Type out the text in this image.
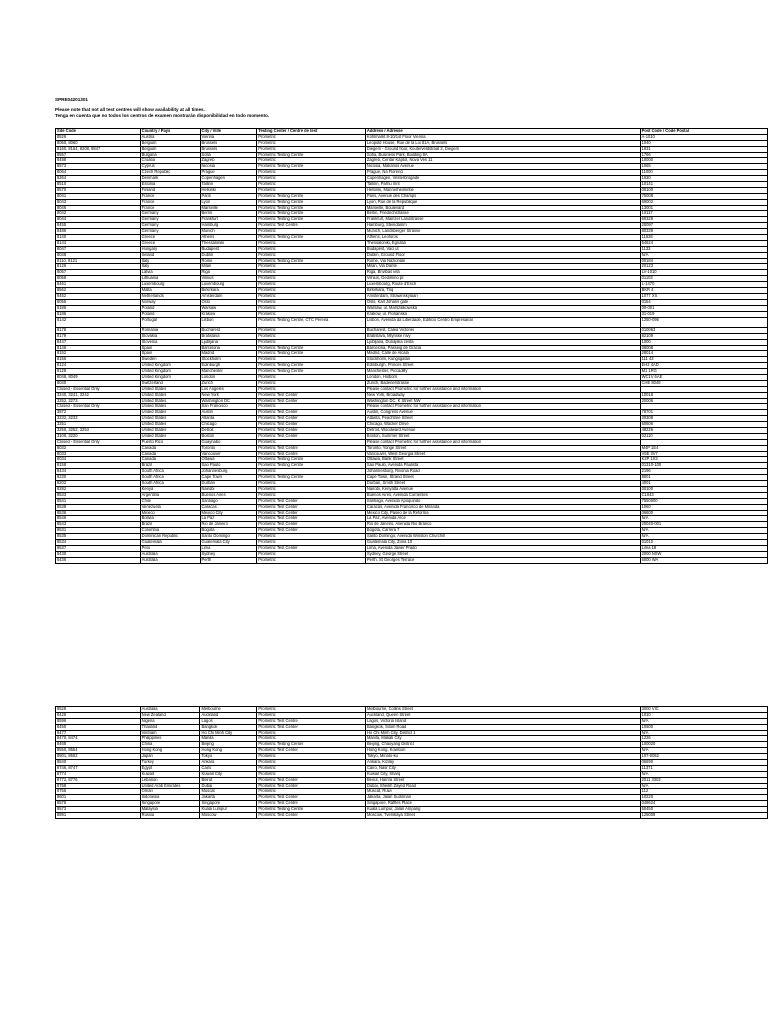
SPRE04201301
Please note that not all test centres will show availability at all times.
Tenga en cuenta que no todos los centros de examen mostrarán disponibilidad en todo momento.
Site Code	Country / Pays	City / Ville	Testing Center / Centre de test	Address / Adresse	Post Code / Code Postal
8526	Austria	Vienna	Prometric	Kohlmarkt 8-10/1st Floor Vienna	A-1010
8050, 8060	Belgium	Brussels	Prometric	Leopold House, Rue de la Loi 81A, Brussels	1040
8160, 8164, 8208, 8847	Belgium	Brussels	Prometric	Diegem - Ground floor, Kouterveldstraat 2, Diegem	1831
8557	Bulgaria	Sofia	Prometric Testing Centre	Sofia, Business Park, Building 8A	1766
8488	Croatia	Zagreb	Prometric	Zagreb, Centar Kaptol, Nova Ves 11	10000
8573	Cyprus	Nicosia	Prometric Testing Centre	Nicosia, Makarios Avenue	1065
8064	Czech Republic	Prague	Prometric	Prague, Na Florenci	11000
8264	Denmark	Copenhagen	Prometric	Copenhagen, Vesterbrogade	1620
8510	Estonia	Tallinn	Prometric	Tallinn, Parnu mnt	10141
8570	Finland	Helsinki	Prometric	Helsinki, Mannerheimintie	00100
8041	France	Paris	Prometric Testing Centre	Paris, Avenue des Champs	75008
8043	France	Lyon	Prometric Testing Centre	Lyon, Rue de la Republique	69002
8046	France	Marseille	Prometric Testing Centre	Marseille, Boulevard	13001
8042	Germany	Berlin	Prometric Testing Centre	Berlin, Friedrichstrasse	10117
8044	Germany	Frankfurt	Prometric Testing Centre	Frankfurt, Mainzer Landstrasse	60329
8455	Germany	Hamburg	Prometric Test Centre	Hamburg, Steindamm	20097
8486	Germany	Munich	Prometric	Munich, Landsberger Strasse	80339
8140	Greece	Athens	Prometric Testing Centre	Athens, Leoforos	11526
8144	Greece	Thessaloniki	Prometric	Thessaloniki, Egnatia	54624
8047	Hungary	Budapest	Prometric	Budapest, Vaci ut	1133
8048	Ireland	Dublin	Prometric	Dublin, Ground Floor	N/A
8110, 8121	Italy	Rome	Prometric Testing Centre	Rome, Via Nazionale	00184
8126	Italy	Milan	Prometric	Milan, Via Dante	20123
8057	Latvia	Riga	Prometric	Riga, Brivibas iela	LV-1010
8058	Lithuania	Vilnius	Prometric	Vilnius, Gedimino pr.	01103
8461	Luxembourg	Luxembourg	Prometric	Luxembourg, Route d'Esch	L-1470
8562	Malta	Birkirkara	Prometric	Birkirkara, Triq	BKR 4
8452	Netherlands	Amsterdam	Prometric	Amsterdam, Strawinskylaan	1077 XX
8055	Norway	Oslo	Prometric	Oslo, Karl Johans gate	0154
8186	Poland	Warsaw	Prometric	Warsaw, ul. Marszalkowska	00-001
8186	Poland	Krakow	Prometric	Krakow, ul. Florianska	31-019
8142	Portugal	Lisbon	Prometric Testing Centre, CTC Pereira	Lisbon, Avenida da Liberdade, Edificio Centro Empresarial	1250-096
8178	Romania	Bucharest	Prometric	Bucharest, Calea Victoriei	010063
8179	Slovakia	Bratislava	Prometric	Bratislava, Mlynske nivy	82109
8447	Slovenia	Ljubljana	Prometric	Ljubljana, Dunajska cesta	1000
8146	Spain	Barcelona	Prometric Testing Centre	Barcelona, Passeig de Gracia	08008
8152	Spain	Madrid	Prometric Testing Centre	Madrid, Calle de Alcala	28014
8156	Sweden	Stockholm	Prometric	Stockholm, Kungsgatan	111 43
8124	United Kingdom	Edinburgh	Prometric Testing Centre	Edinburgh, Princes Street	EH2 4AD
8128	United Kingdom	Manchester	Prometric Testing Centre	Manchester, Piccadilly	M1 1RG
8048, 8049	United Kingdom	London	Prometric	London, Holborn	WC1V 6AE
8040	Switzerland	Zurich	Prometric	Zurich, Badenerstrasse	CHE 8048
Closed - Essential Only	United States	Los Angeles	Prometric	Please contact Prometric for further assistance and information	
3240, 3241, 3242	United States	New York	Prometric Test Center	New York, Broadway	10018
3252, 3273	United States	Washington DC	Prometric Test Center	Washington DC, K Street NW	20006
Closed - Essential Only	United States	San Francisco	Prometric	Please contact Prometric for further assistance and information	
3872	United States	Austin	Prometric Test Center	Austin, Congress Avenue	78701
3232, 3233	United States	Atlanta	Prometric Test Center	Atlanta, Peachtree Street	30308
3251	United States	Chicago	Prometric Test Center	Chicago, Wacker Drive	60606
3250, 3252, 3253	United States	Detroit	Prometric Test Center	Detroit, Woodward Avenue	48226
3100, 3220	United States	Boston	Prometric Test Center	Boston, Summer Street	02110
Closed - Essential Only	Puerto Rico	Guaynabo	Prometric	Please contact Prometric for further assistance and information	
8032	Canada	Toronto	Prometric Test Centre	Toronto, Yonge Street	M4P 1E4
8033	Canada	Vancouver	Prometric Test Centre	Vancouver, West Georgia Street	V6E 3V7
8034	Canada	Ottawa	Prometric Testing Centre	Ottawa, Bank Street	K2P 1X3
8158	Brazil	Sao Paulo	Prometric Testing Centre	Sao Paulo, Avenida Paulista	01310-100
8434	South Africa	Johannesburg	Prometric	Johannesburg, Rivonia Road	2196
8230	South Africa	Cape Town	Prometric Testing Centre	Cape Town, Strand Street	8001
8202	South Africa	Durban	Prometric	Durban, Smith Street	4001
8282	Kenya	Nairobi	Prometric	Nairobi, Kenyatta Avenue	00100
8533	Argentina	Buenos Aires	Prometric	Buenos Aires, Avenida Corrientes	C1043
8541	Chile	Santiago	Prometric Test Center	Santiago, Avenida Apoquindo	7550000
8538	Venezuela	Caracas	Prometric Test Center	Caracas, Avenida Francisco de Miranda	1060
8536	Mexico	Mexico City	Prometric Test Center	Mexico City, Paseo de la Reforma	06600
8546	Bolivia	La Paz	Prometric Test Center	La Paz, Avenida Arce	N/A
8543	Brazil	Rio de Janeiro	Prometric Test Center	Rio de Janeiro, Avenida Rio Branco	20040-001
8531	Colombia	Bogota	Prometric Test Center	Bogota, Carrera 7	N/A
8535	Dominican Republic	Santo Domingo	Prometric	Santo Domingo, Avenida Winston Churchill	N/A
8534	Guatemala	Guatemala City	Prometric	Guatemala City, Zona 10	01010
8537	Peru	Lima	Prometric Test Center	Lima, Avenida Javier Prado	Lima 18
8430	Australia	Sydney	Prometric	Sydney, George Street	2000 NSW
8436	Australia	Perth	Prometric	Perth, St Georges Terrace	6000 WA
8528	Australia	Melbourne	Prometric	Melbourne, Collins Street	3000 VIC
8426	New Zealand	Auckland	Prometric	Auckland, Queen Street	1010
8596	Nigeria	Lagos	Prometric Test Centre	Lagos, Victoria Island	N/A
8450	Thailand	Bangkok	Prometric Test Center	Bangkok, Silom Road	10500
8477	Vietnam	Ho Chi Minh City	Prometric	Ho Chi Minh City, District 1	N/A
8470, 8474	Philippines	Manila	Prometric	Manila, Makati City	1226
8468	China	Beijing	Prometric Testing Center	Beijing, Chaoyang District	100020
8550, 8554	Hong Kong	Hong Kong	Prometric Test Center	Hong Kong, Kowloon	N/A
8501, 8502	Japan	Tokyo	Prometric	Tokyo, Minato-ku	107-0052
8540	Turkey	Ankara	Prometric	Ankara, Kizilay	06690
8746, 8747	Egypt	Cairo	Prometric	Cairo, Nasr City	11371
8774	Kuwait	Kuwait City	Prometric	Kuwait City, Sharq	N/A
8772, 8776	Lebanon	Beirut	Prometric Test Center	Beirut, Hamra Street	2011 3302
8758	United Arab Emirates	Dubai	Prometric Test Center	Dubai, Sheikh Zayed Road	N/A
8755	Oman	Muscat	Prometric	Muscat, Ruwi	112
8601	Indonesia	Jakarta	Prometric Test Center	Jakarta, Jalan Sudirman	10220
8575	Singapore	Singapore	Prometric Test Centre	Singapore, Raffles Place	048624
8573	Malaysia	Kuala Lumpur	Prometric Testing Centre	Kuala Lumpur, Jalan Ampang	50450
8891	Russia	Moscow	Prometric Test Center	Moscow, Tverskaya Street	125009
